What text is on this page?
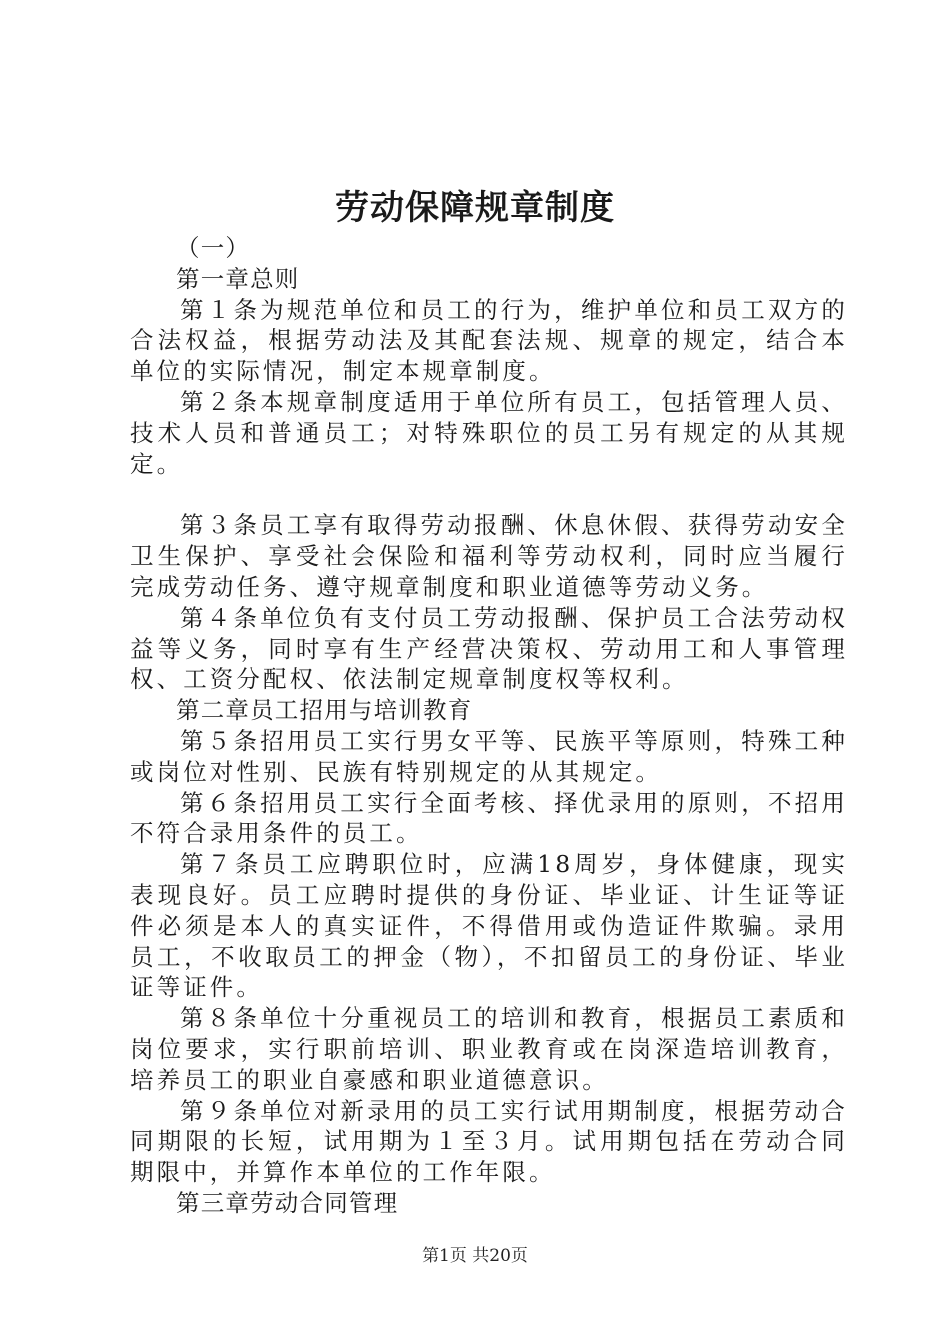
劳动保障规章制度

（一）

第一章总则

第１条为规范单位和员工的行为，维护单位和员工双方的合法权益，根据劳动法及其配套法规、规章的规定，结合本单位的实际情况，制定本规章制度。

第２条本规章制度适用于单位所有员工，包括管理人员、技术人员和普通员工；对特殊职位的员工另有规定的从其规定。

第３条员工享有取得劳动报酬、休息休假、获得劳动安全卫生保护、享受社会保险和福利等劳动权利，同时应当履行完成劳动任务、遵守规章制度和职业道德等劳动义务。

第４条单位负有支付员工劳动报酬、保护员工合法劳动权益等义务，同时享有生产经营决策权、劳动用工和人事管理权、工资分配权、依法制定规章制度权等权利。

第二章员工招用与培训教育

第５条招用员工实行男女平等、民族平等原则，特殊工种或岗位对性别、民族有特别规定的从其规定。

第６条招用员工实行全面考核、择优录用的原则，不招用不符合录用条件的员工。

第７条员工应聘职位时，应满18周岁，身体健康，现实表现良好。员工应聘时提供的身份证、毕业证、计生证等证件必须是本人的真实证件，不得借用或伪造证件欺骗。录用员工，不收取员工的押金（物），不扣留员工的身份证、毕业证等证件。

第８条单位十分重视员工的培训和教育，根据员工素质和岗位要求，实行职前培训、职业教育或在岗深造培训教育，培养员工的职业自豪感和职业道德意识。

第９条单位对新录用的员工实行试用期制度，根据劳动合同期限的长短，试用期为１至３月。试用期包括在劳动合同期限中，并算作本单位的工作年限。

第三章劳动合同管理

第1页 共20页
